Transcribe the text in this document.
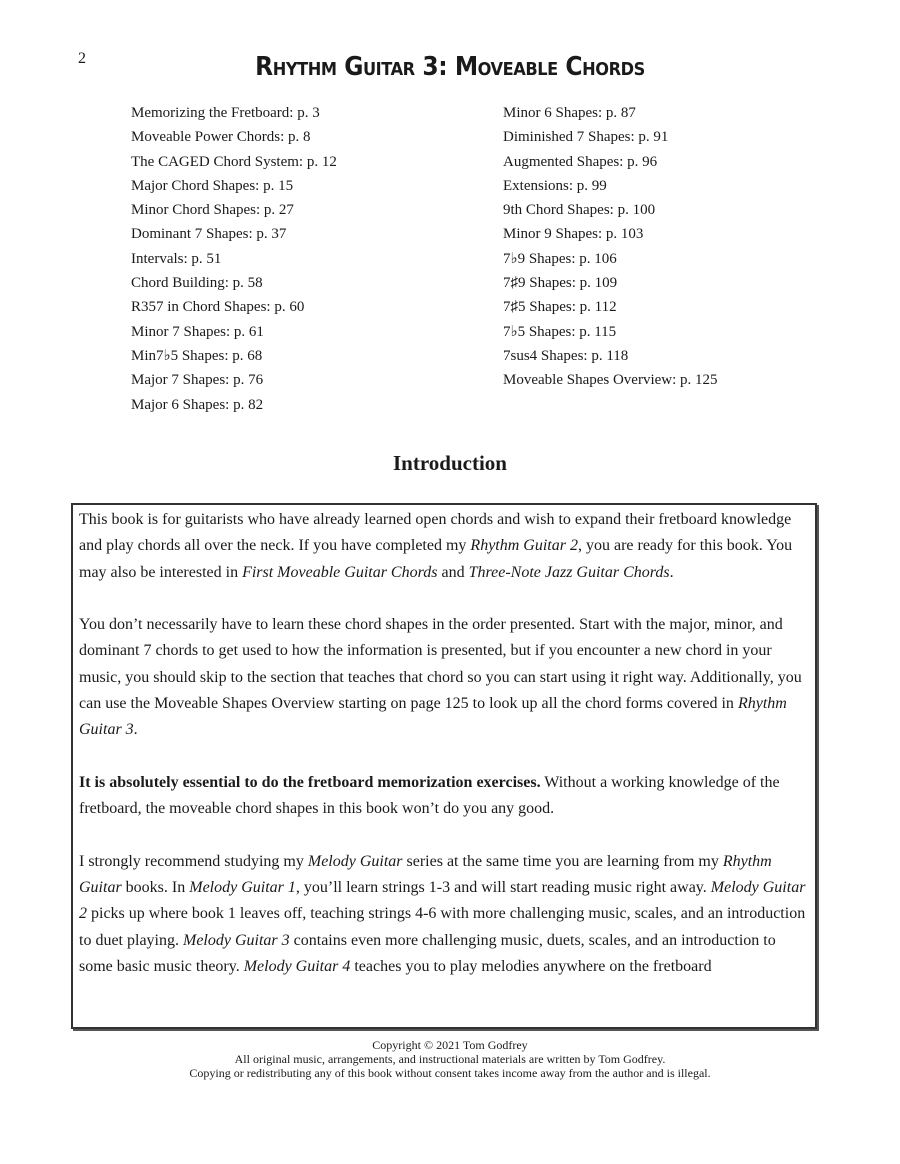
2	Rhythm Guitar 3: Moveable Chords
Memorizing the Fretboard: p. 3
Moveable Power Chords: p. 8
The CAGED Chord System: p. 12
Major Chord Shapes: p. 15
Minor Chord Shapes: p. 27
Dominant 7 Shapes: p. 37
Intervals: p. 51
Chord Building: p. 58
R357 in Chord Shapes: p. 60
Minor 7 Shapes: p. 61
Min7♭5 Shapes: p. 68
Major 7 Shapes: p. 76
Major 6 Shapes: p. 82
Minor 6 Shapes: p. 87
Diminished 7 Shapes: p. 91
Augmented Shapes: p. 96
Extensions: p. 99
9th Chord Shapes: p. 100
Minor 9 Shapes: p. 103
7♭9 Shapes: p. 106
7♯9 Shapes: p. 109
7♯5 Shapes: p. 112
7♭5 Shapes: p. 115
7sus4 Shapes: p. 118
Moveable Shapes Overview: p. 125
Introduction

This book is for guitarists who have already learned open chords and wish to expand their fretboard knowledge and play chords all over the neck. If you have completed my Rhythm Guitar 2, you are ready for this book. You may also be interested in First Moveable Guitar Chords and Three-Note Jazz Guitar Chords.

You don’t necessarily have to learn these chord shapes in the order presented. Start with the major, minor, and dominant 7 chords to get used to how the information is presented, but if you encounter a new chord in your music, you should skip to the section that teaches that chord so you can start using it right way. Additionally, you can use the Moveable Shapes Overview starting on page 125 to look up all the chord forms covered in Rhythm Guitar 3.

It is absolutely essential to do the fretboard memorization exercises. Without a working knowledge of the fretboard, the moveable chord shapes in this book won’t do you any good.

I strongly recommend studying my Melody Guitar series at the same time you are learning from my Rhythm Guitar books. In Melody Guitar 1, you’ll learn strings 1-3 and will start reading music right away. Melody Guitar 2 picks up where book 1 leaves off, teaching strings 4-6 with more challenging music, scales, and an introduction to duet playing. Melody Guitar 3 contains even more challenging music, duets, scales, and an introduction to some basic music theory. Melody Guitar 4 teaches you to play melodies anywhere on the fretboard

Copyright © 2021 Tom Godfrey
All original music, arrangements, and instructional materials are written by Tom Godfrey.
Copying or redistributing any of this book without consent takes income away from the author and is illegal.
